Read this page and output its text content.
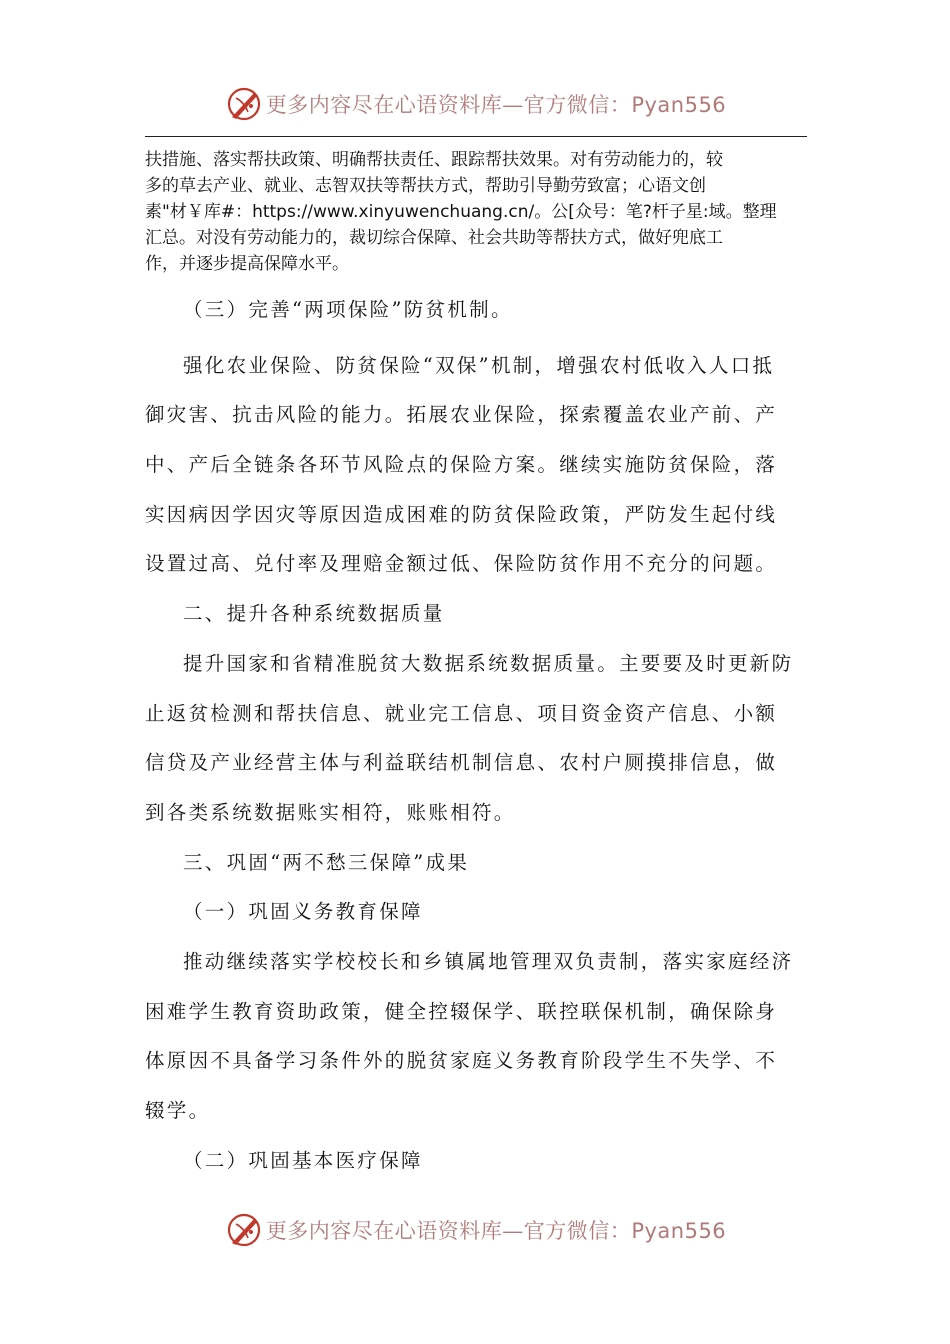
更多内容尽在心语资料库—官方微信：Pyan556

扶措施、落实帮扶政策、明确帮扶责任、跟踪帮扶效果。对有劳动能力的，较

多的草去产业、就业、志智双扶等帮扶方式，帮助引导勤劳致富；心语文创

素"材￥库#：https://www.xinyuwenchuang.cn/。公[众号：笔?杆子星:域。整理

汇总。对没有劳动能力的，裁切综合保障、社会共助等帮扶方式，做好兜底工

作，并逐步提高保障水平。

（三）完善“两项保险”防贫机制。

强化农业保险、防贫保险“双保”机制，增强农村低收入人口抵

御灾害、抗击风险的能力。拓展农业保险，探索覆盖农业产前、产

中、产后全链条各环节风险点的保险方案。继续实施防贫保险，落

实因病因学因灾等原因造成困难的防贫保险政策，严防发生起付线

设置过高、兑付率及理赔金额过低、保险防贫作用不充分的问题。

二、提升各种系统数据质量

提升国家和省精准脱贫大数据系统数据质量。主要要及时更新防

止返贫检测和帮扶信息、就业完工信息、项目资金资产信息、小额

信贷及产业经营主体与利益联结机制信息、农村户厕摸排信息，做

到各类系统数据账实相符，账账相符。

三、巩固“两不愁三保障”成果

（一）巩固义务教育保障

推动继续落实学校校长和乡镇属地管理双负责制，落实家庭经济

困难学生教育资助政策，健全控辍保学、联控联保机制，确保除身

体原因不具备学习条件外的脱贫家庭义务教育阶段学生不失学、不

辍学。

（二）巩固基本医疗保障

更多内容尽在心语资料库—官方微信：Pyan556
